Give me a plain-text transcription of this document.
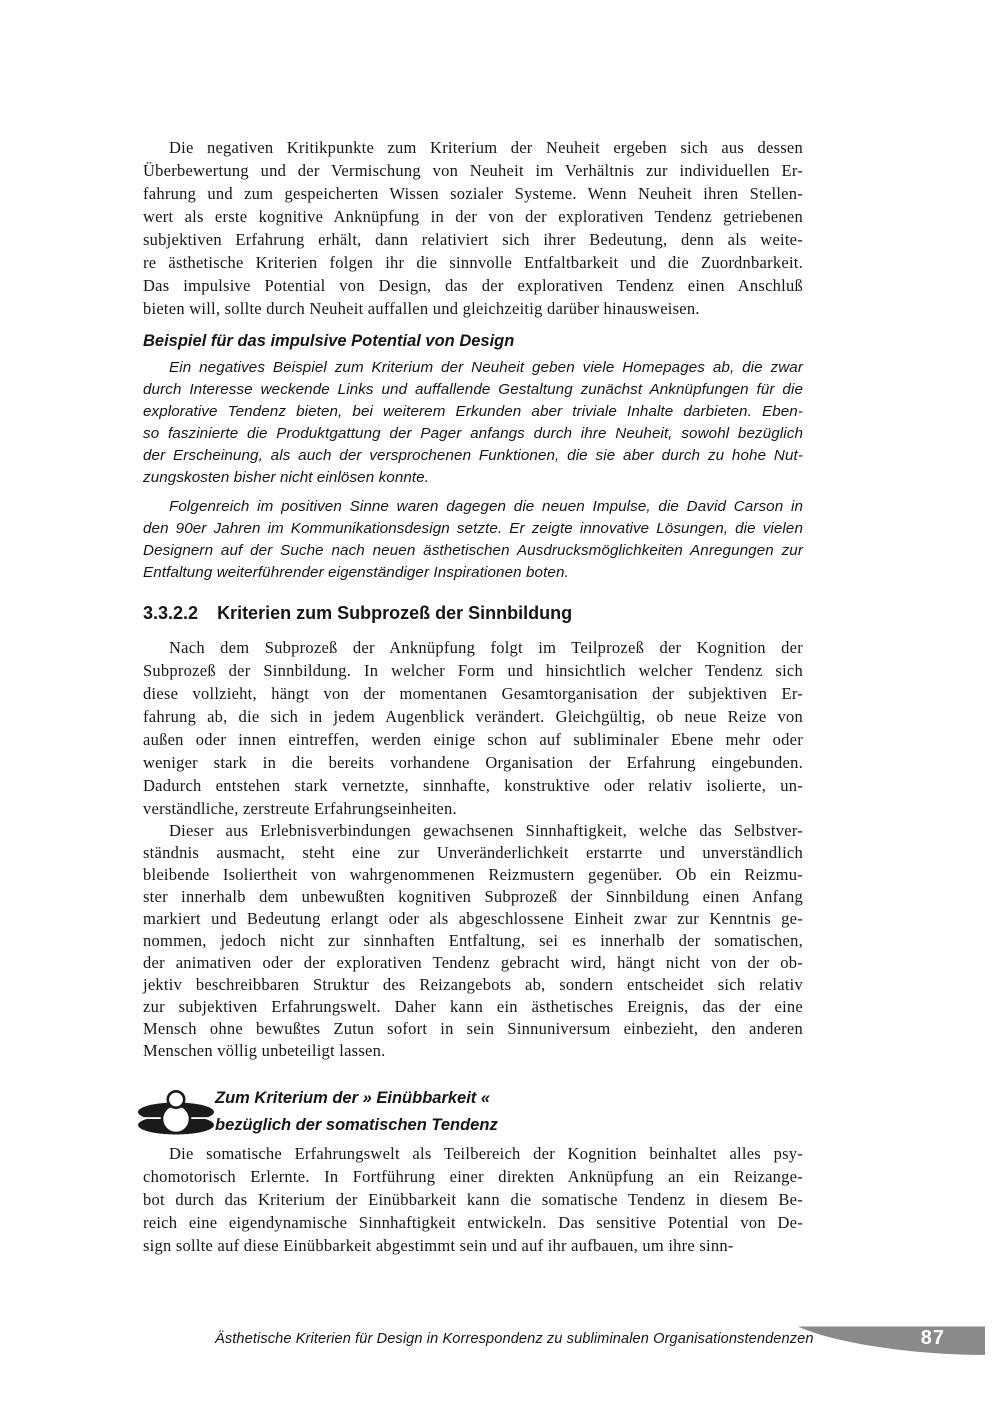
Die negativen Kritikpunkte zum Kriterium der Neuheit ergeben sich aus dessen
Überbewertung und der Vermischung von Neuheit im Verhältnis zur individuellen Er-
fahrung und zum gespeicherten Wissen sozialer Systeme. Wenn Neuheit ihren Stellen-
wert als erste kognitive Anknüpfung in der von der explorativen Tendenz getriebenen
subjektiven Erfahrung erhält, dann relativiert sich ihrer Bedeutung, denn als weite-
re ästhetische Kriterien folgen ihr die sinnvolle Entfaltbarkeit und die Zuordnbarkeit.
Das impulsive Potential von Design, das der explorativen Tendenz einen Anschluß
bieten will, sollte durch Neuheit auffallen und gleichzeitig darüber hinausweisen.
Beispiel für das impulsive Potential von Design
Ein negatives Beispiel zum Kriterium der Neuheit geben viele Homepages ab, die zwar
durch Interesse weckende Links und auffallende Gestaltung zunächst Anknüpfungen für die
explorative Tendenz bieten, bei weiterem Erkunden aber triviale Inhalte darbieten. Eben-
so faszinierte die Produktgattung der Pager anfangs durch ihre Neuheit, sowohl bezüglich
der Erscheinung, als auch der versprochenen Funktionen, die sie aber durch zu hohe Nut-
zungskosten bisher nicht einlösen konnte.
Folgenreich im positiven Sinne waren dagegen die neuen Impulse, die David Carson in
den 90er Jahren im Kommunikationsdesign setzte. Er zeigte innovative Lösungen, die vielen
Designern auf der Suche nach neuen ästhetischen Ausdrucksmöglichkeiten Anregungen zur
Entfaltung weiterführender eigenständiger Inspirationen boten.
3.3.2.2 Kriterien zum Subprozeß der Sinnbildung
Nach dem Subprozeß der Anknüpfung folgt im Teilprozeß der Kognition der
Subprozeß der Sinnbildung. In welcher Form und hinsichtlich welcher Tendenz sich
diese vollzieht, hängt von der momentanen Gesamtorganisation der subjektiven Er-
fahrung ab, die sich in jedem Augenblick verändert. Gleichgültig, ob neue Reize von
außen oder innen eintreffen, werden einige schon auf subliminaler Ebene mehr oder
weniger stark in die bereits vorhandene Organisation der Erfahrung eingebunden.
Dadurch entstehen stark vernetzte, sinnhafte, konstruktive oder relativ isolierte, un-
verständliche, zerstreute Erfahrungseinheiten.
Dieser aus Erlebnisverbindungen gewachsenen Sinnhaftigkeit, welche das Selbstver-
ständnis ausmacht, steht eine zur Unveränderlichkeit erstarrte und unverständlich
bleibende Isoliertheit von wahrgenommenen Reizmustern gegenüber. Ob ein Reizmu-
ster innerhalb dem unbewußten kognitiven Subprozeß der Sinnbildung einen Anfang
markiert und Bedeutung erlangt oder als abgeschlossene Einheit zwar zur Kenntnis ge-
nommen, jedoch nicht zur sinnhaften Entfaltung, sei es innerhalb der somatischen,
der animativen oder der explorativen Tendenz gebracht wird, hängt nicht von der ob-
jektiv beschreibbaren Struktur des Reizangebots ab, sondern entscheidet sich relativ
zur subjektiven Erfahrungswelt. Daher kann ein ästhetisches Ereignis, das der eine
Mensch ohne bewußtes Zutun sofort in sein Sinnuniversum einbezieht, den anderen
Menschen völlig unbeteiligt lassen.
Zum Kriterium der » Einübbarkeit «
bezüglich der somatischen Tendenz
Die somatische Erfahrungswelt als Teilbereich der Kognition beinhaltet alles psy-
chomotorisch Erlernte. In Fortführung einer direkten Anknüpfung an ein Reizange-
bot durch das Kriterium der Einübbarkeit kann die somatische Tendenz in diesem Be-
reich eine eigendynamische Sinnhaftigkeit entwickeln. Das sensitive Potential von De-
sign sollte auf diese Einübbarkeit abgestimmt sein und auf ihr aufbauen, um ihre sinn-
Ästhetische Kriterien für Design in Korrespondenz zu subliminalen Organisationstendenzen	87
